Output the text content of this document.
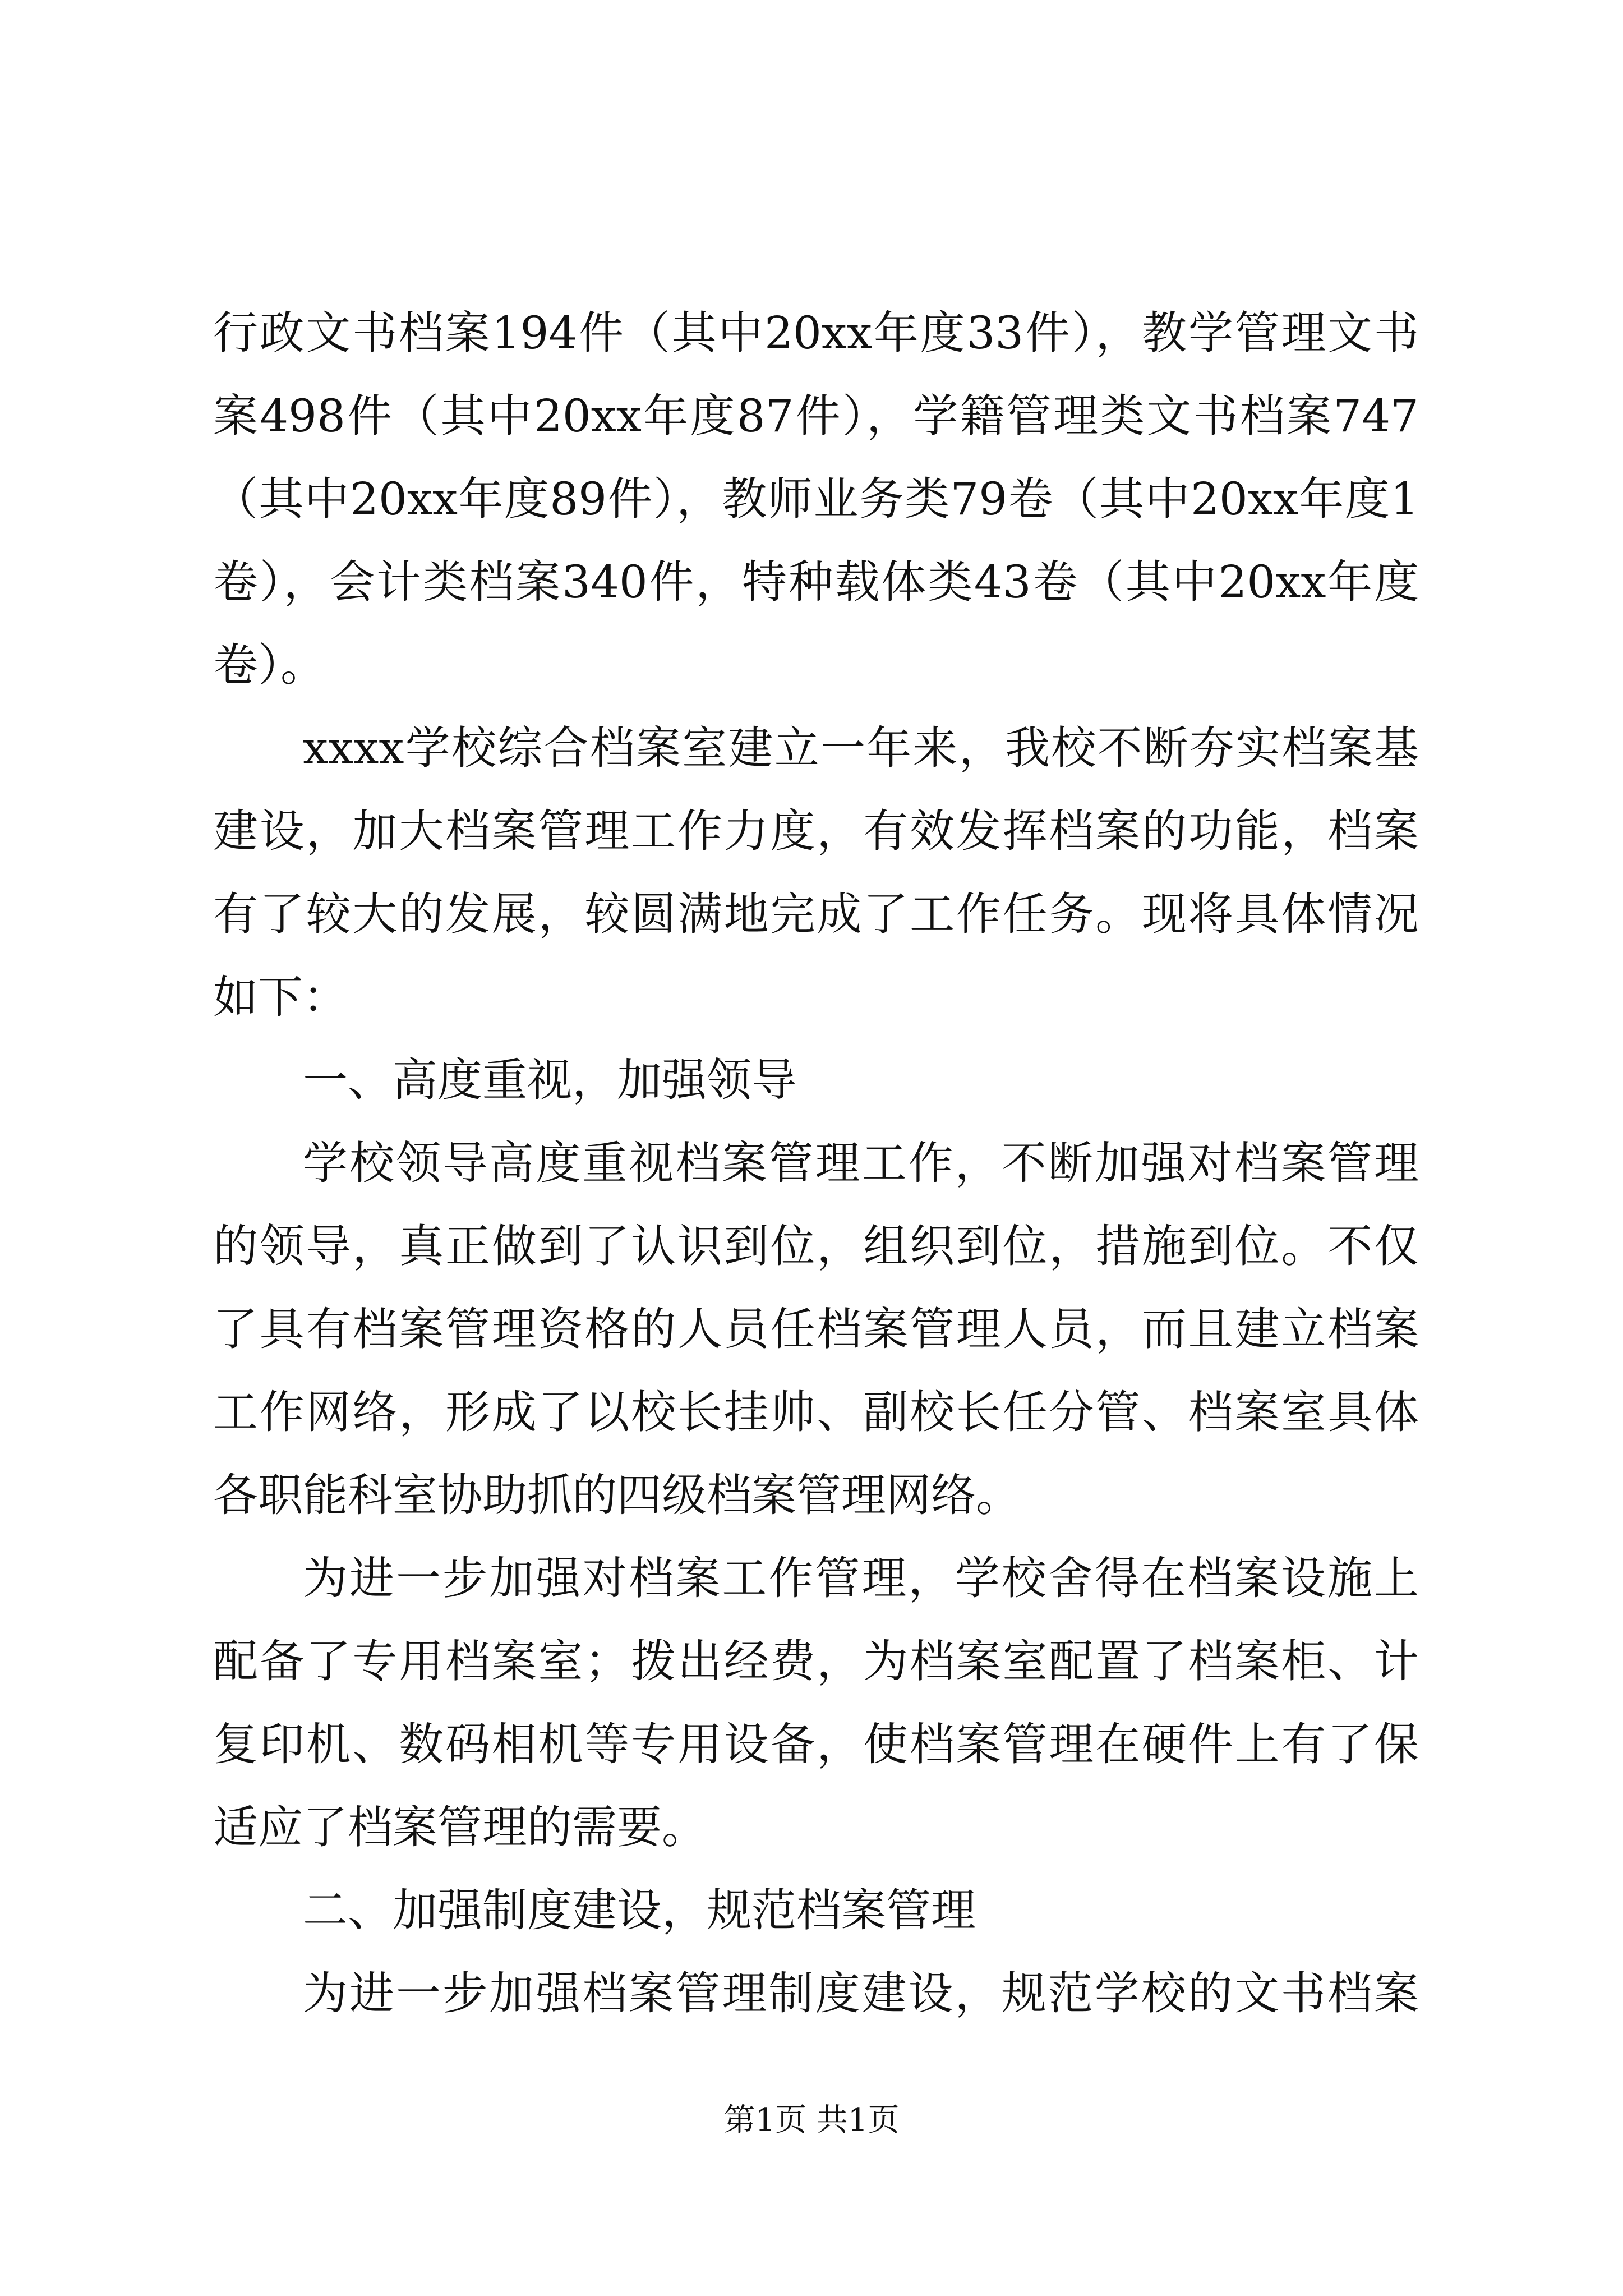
行政文书档案194件（其中20xx年度33件），教学管理文书
案498件（其中20xx年度87件），学籍管理类文书档案747
（其中20xx年度89件），教师业务类79卷（其中20xx年度1
卷），会计类档案340件，特种载体类43卷（其中20xx年度
卷）。
xxxx学校综合档案室建立一年来，我校不断夯实档案基
建设，加大档案管理工作力度，有效发挥档案的功能，档案
有了较大的发展，较圆满地完成了工作任务。现将具体情况
如下：
一、高度重视，加强领导
学校领导高度重视档案管理工作，不断加强对档案管理
的领导，真正做到了认识到位，组织到位，措施到位。不仅
了具有档案管理资格的人员任档案管理人员，而且建立档案
工作网络，形成了以校长挂帅、副校长任分管、档案室具体
各职能科室协助抓的四级档案管理网络。
为进一步加强对档案工作管理，学校舍得在档案设施上
配备了专用档案室；拨出经费，为档案室配置了档案柜、计
复印机、数码相机等专用设备，使档案管理在硬件上有了保
适应了档案管理的需要。
二、加强制度建设，规范档案管理
为进一步加强档案管理制度建设，规范学校的文书档案
第1页 共1页
